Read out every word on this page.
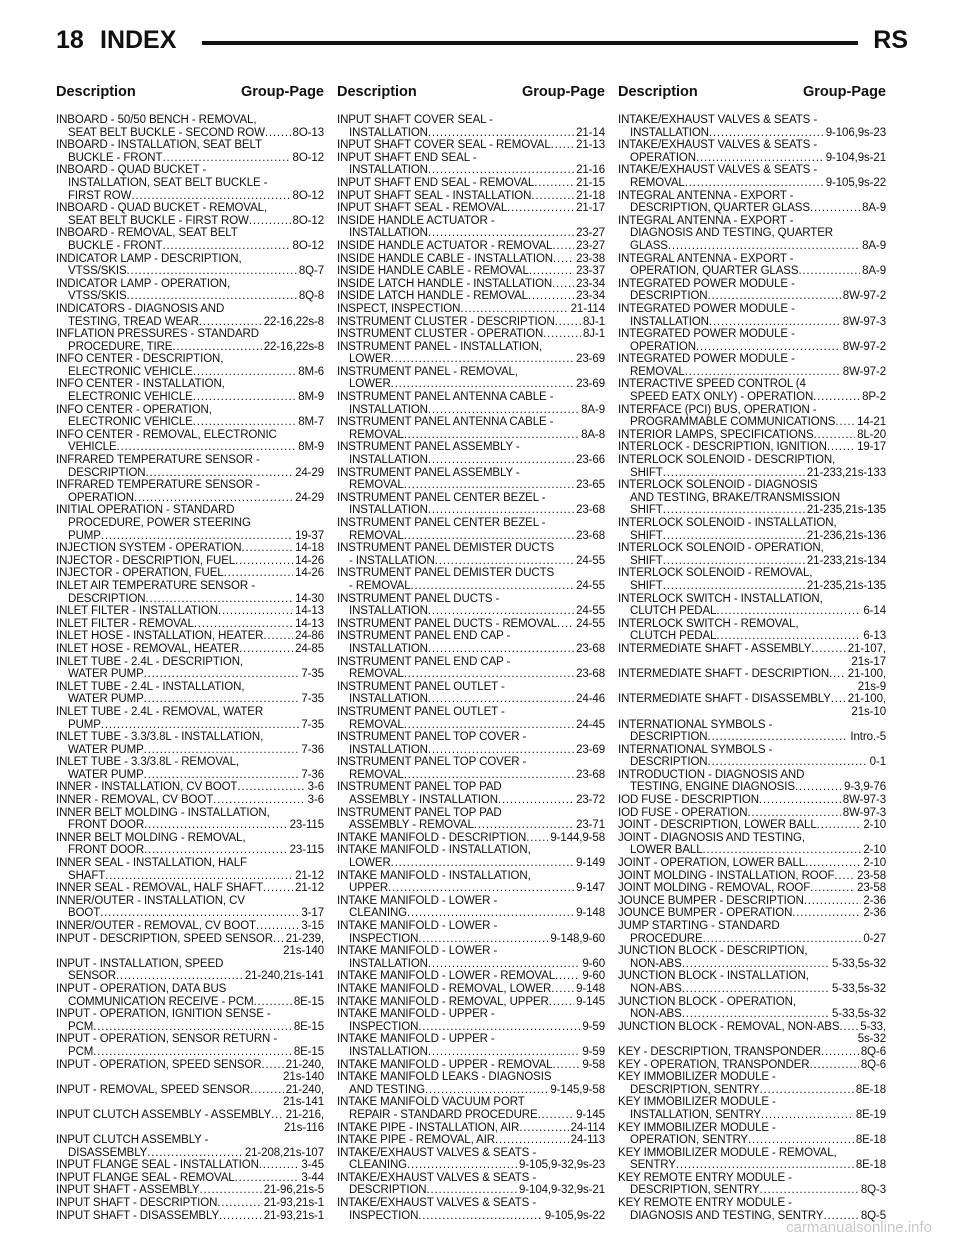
18 INDEX	RS
Description	Group-Page Description	Group-Page Description	Group-Page
INBOARD - 50/50 BENCH - REMOVAL,
SEAT BELT BUCKLE - SECOND ROW . . . 8O-13
INBOARD - INSTALLATION, SEAT BELT
BUCKLE - FRONT . . .	8O-12
INBOARD - QUAD BUCKET -
INSTALLATION, SEAT BELT BUCKLE -
FIRST ROW . . .	8O-12
INBOARD - QUAD BUCKET - REMOVAL,
SEAT BELT BUCKLE - FIRST ROW . . .	8O-12
INBOARD - REMOVAL, SEAT BELT
BUCKLE - FRONT . . .	8O-12
INDICATOR LAMP - DESCRIPTION,
VTSS/SKIS . . .	8Q-7
INDICATOR LAMP - OPERATION,
VTSS/SKIS . . .	8Q-8
INDICATORS - DIAGNOSIS AND
TESTING, TREAD WEAR . . .	22-16,22s-8
INFLATION PRESSURES - STANDARD
PROCEDURE, TIRE . . .	22-16,22s-8
INFO CENTER - DESCRIPTION,
ELECTRONIC VEHICLE . . .	8M-6
INFO CENTER - INSTALLATION,
ELECTRONIC VEHICLE . . .	8M-9
INFO CENTER - OPERATION,
ELECTRONIC VEHICLE . . .	8M-7
INFO CENTER - REMOVAL, ELECTRONIC
VEHICLE . . .	8M-9
INFRARED TEMPERATURE SENSOR -
DESCRIPTION . . .	24-29
INFRARED TEMPERATURE SENSOR -
OPERATION . . .	24-29
INITIAL OPERATION - STANDARD
PROCEDURE, POWER STEERING
PUMP . . .	19-37
INJECTION SYSTEM - OPERATION . . .	14-18
INJECTOR - DESCRIPTION, FUEL . . .	14-26
INJECTOR - OPERATION, FUEL . . .	14-26
INLET AIR TEMPERATURE SENSOR -
DESCRIPTION . . .	14-30
INLET FILTER - INSTALLATION . . .	14-13
INLET FILTER - REMOVAL . . .	14-13
INLET HOSE - INSTALLATION, HEATER . . .	24-86
INLET HOSE - REMOVAL, HEATER . . .	24-85
INLET TUBE - 2.4L - DESCRIPTION,
WATER PUMP . . .	7-35
INLET TUBE - 2.4L - INSTALLATION,
WATER PUMP . . .	7-35
INLET TUBE - 2.4L - REMOVAL, WATER
PUMP . . .	7-35
INLET TUBE - 3.3/3.8L - INSTALLATION,
WATER PUMP . . .	7-36
INLET TUBE - 3.3/3.8L - REMOVAL,
WATER PUMP . . .	7-36
INNER - INSTALLATION, CV BOOT . . .	3-6
INNER - REMOVAL, CV BOOT . . .	3-6
INNER BELT MOLDING - INSTALLATION,
FRONT DOOR . . .	23-115
INNER BELT MOLDING - REMOVAL,
FRONT DOOR . . .	23-115
INNER SEAL - INSTALLATION, HALF
SHAFT . . .	21-12
INNER SEAL - REMOVAL, HALF SHAFT . . .	21-12
INNER/OUTER - INSTALLATION, CV
BOOT . . .	3-17
INNER/OUTER - REMOVAL, CV BOOT . . .	3-15
INPUT - DESCRIPTION, SPEED SENSOR . . . 21-239,
21s-140
INPUT - INSTALLATION, SPEED
SENSOR . . .	21-240,21s-141
INPUT - OPERATION, DATA BUS
COMMUNICATION RECEIVE - PCM . . .	8E-15
INPUT - OPERATION, IGNITION SENSE -
PCM . . .	8E-15
INPUT - OPERATION, SENSOR RETURN -
PCM . . .	8E-15
INPUT - OPERATION, SPEED SENSOR . . . 21-240,
21s-140
INPUT - REMOVAL, SPEED SENSOR . . .	21-240,
21s-141
INPUT CLUTCH ASSEMBLY - ASSEMBLY . . . 21-216,
21s-116
INPUT CLUTCH ASSEMBLY -
DISASSEMBLY . . .	21-208,21s-107
INPUT FLANGE SEAL - INSTALLATION . . .	3-45
INPUT FLANGE SEAL - REMOVAL . . .	3-44
INPUT SHAFT - ASSEMBLY . . .	21-96,21s-5
INPUT SHAFT - DESCRIPTION . . .	21-93,21s-1
INPUT SHAFT - DISASSEMBLY . . .	21-93,21s-1
INPUT SHAFT COVER SEAL -
INSTALLATION . . .	21-14
INPUT SHAFT COVER SEAL - REMOVAL . . . 21-13
INPUT SHAFT END SEAL -
INSTALLATION . . .	21-16
INPUT SHAFT END SEAL - REMOVAL . . .	21-15
INPUT SHAFT SEAL - INSTALLATION . . .	21-18
INPUT SHAFT SEAL - REMOVAL . . .	21-17
INSIDE HANDLE ACTUATOR -
INSTALLATION . . .	23-27
INSIDE HANDLE ACTUATOR - REMOVAL . . . 23-27
INSIDE HANDLE CABLE - INSTALLATION . . . 23-38
INSIDE HANDLE CABLE - REMOVAL . . .	23-37
INSIDE LATCH HANDLE - INSTALLATION . . . 23-34
INSIDE LATCH HANDLE - REMOVAL . . .	23-34
INSPECT, INSPECTION . . .	21-114
INSTRUMENT CLUSTER - DESCRIPTION . . . 8J-1
INSTRUMENT CLUSTER - OPERATION . . .	8J-1
INSTRUMENT PANEL - INSTALLATION,
LOWER . . .	23-69
INSTRUMENT PANEL - REMOVAL,
LOWER . . .	23-69
INSTRUMENT PANEL ANTENNA CABLE -
INSTALLATION . . .	8A-9
INSTRUMENT PANEL ANTENNA CABLE -
REMOVAL . . .	8A-8
INSTRUMENT PANEL ASSEMBLY -
INSTALLATION . . .	23-66
INSTRUMENT PANEL ASSEMBLY -
REMOVAL . . .	23-65
INSTRUMENT PANEL CENTER BEZEL -
INSTALLATION . . .	23-68
INSTRUMENT PANEL CENTER BEZEL -
REMOVAL . . .	23-68
INSTRUMENT PANEL DEMISTER DUCTS
- INSTALLATION . . .	24-55
INSTRUMENT PANEL DEMISTER DUCTS
- REMOVAL . . .	24-55
INSTRUMENT PANEL DUCTS -
INSTALLATION . . .	24-55
INSTRUMENT PANEL DUCTS - REMOVAL . . . 24-55
INSTRUMENT PANEL END CAP -
INSTALLATION . . .	23-68
INSTRUMENT PANEL END CAP -
REMOVAL . . .	23-68
INSTRUMENT PANEL OUTLET -
INSTALLATION . . .	24-46
INSTRUMENT PANEL OUTLET -
REMOVAL . . .	24-45
INSTRUMENT PANEL TOP COVER -
INSTALLATION . . .	23-69
INSTRUMENT PANEL TOP COVER -
REMOVAL . . .	23-68
INSTRUMENT PANEL TOP PAD
ASSEMBLY - INSTALLATION . . .	23-72
INSTRUMENT PANEL TOP PAD
ASSEMBLY - REMOVAL . . .	23-71
INTAKE MANIFOLD - DESCRIPTION . . . 9-144,9-58
INTAKE MANIFOLD - INSTALLATION,
LOWER . . .	9-149
INTAKE MANIFOLD - INSTALLATION,
UPPER . . .	9-147
INTAKE MANIFOLD - LOWER -
CLEANING . . .	9-148
INTAKE MANIFOLD - LOWER -
INSPECTION . . .	9-148,9-60
INTAKE MANIFOLD - LOWER -
INSTALLATION . . .	9-60
INTAKE MANIFOLD - LOWER - REMOVAL . . . 9-60
INTAKE MANIFOLD - REMOVAL, LOWER . . . 9-148
INTAKE MANIFOLD - REMOVAL, UPPER . . . 9-145
INTAKE MANIFOLD - UPPER -
INSPECTION . . .	9-59
INTAKE MANIFOLD - UPPER -
INSTALLATION . . .	9-59
INTAKE MANIFOLD - UPPER - REMOVAL . . .	9-58
INTAKE MANIFOLD LEAKS - DIAGNOSIS
AND TESTING . . .	9-145,9-58
INTAKE MANIFOLD VACUUM PORT
REPAIR - STANDARD PROCEDURE . . .	9-145
INTAKE PIPE - INSTALLATION, AIR . . .	24-114
INTAKE PIPE - REMOVAL, AIR . . .	24-113
INTAKE/EXHAUST VALVES & SEATS -
CLEANING . . .	9-105,9-32,9s-23
INTAKE/EXHAUST VALVES & SEATS -
DESCRIPTION . . .	9-104,9-32,9s-21
INTAKE/EXHAUST VALVES & SEATS -
INSPECTION . . .	9-105,9s-22
INTAKE/EXHAUST VALVES & SEATS -
INSTALLATION . . .	9-106,9s-23
INTAKE/EXHAUST VALVES & SEATS -
OPERATION . . .	9-104,9s-21
INTAKE/EXHAUST VALVES & SEATS -
REMOVAL . . .	9-105,9s-22
INTEGRAL ANTENNA - EXPORT -
DESCRIPTION, QUARTER GLASS . . .	8A-9
INTEGRAL ANTENNA - EXPORT -
DIAGNOSIS AND TESTING, QUARTER
GLASS . . .	8A-9
INTEGRAL ANTENNA - EXPORT -
OPERATION, QUARTER GLASS . . .	8A-9
INTEGRATED POWER MODULE -
DESCRIPTION . . .	8W-97-2
INTEGRATED POWER MODULE -
INSTALLATION . . .	8W-97-3
INTEGRATED POWER MODULE -
OPERATION . . .	8W-97-2
INTEGRATED POWER MODULE -
REMOVAL . . .	8W-97-2
INTERACTIVE SPEED CONTROL (4
SPEED EATX ONLY) - OPERATION . . .	8P-2
INTERFACE (PCI) BUS, OPERATION -
PROGRAMMABLE COMMUNICATIONS . . . 14-21
INTERIOR LAMPS, SPECIFICATIONS . . .	8L-20
INTERLOCK - DESCRIPTION, IGNITION . . .	19-17
INTERLOCK SOLENOID - DESCRIPTION,
SHIFT . . .	21-233,21s-133
INTERLOCK SOLENOID - DIAGNOSIS
AND TESTING, BRAKE/TRANSMISSION
SHIFT . . .	21-235,21s-135
INTERLOCK SOLENOID - INSTALLATION,
SHIFT . . .	21-236,21s-136
INTERLOCK SOLENOID - OPERATION,
SHIFT . . .	21-233,21s-134
INTERLOCK SOLENOID - REMOVAL,
SHIFT . . .	21-235,21s-135
INTERLOCK SWITCH - INSTALLATION,
CLUTCH PEDAL . . .	6-14
INTERLOCK SWITCH - REMOVAL,
CLUTCH PEDAL . . .	6-13
INTERMEDIATE SHAFT - ASSEMBLY . . .	21-107,
21s-17
INTERMEDIATE SHAFT - DESCRIPTION . . . 21-100,
21s-9
INTERMEDIATE SHAFT - DISASSEMBLY . . . 21-100,
21s-10
INTERNATIONAL SYMBOLS -
DESCRIPTION . . .	Intro.-5
INTERNATIONAL SYMBOLS -
DESCRIPTION . . .	0-1
INTRODUCTION - DIAGNOSIS AND
TESTING, ENGINE DIAGNOSIS . . .	9-3,9-76
IOD FUSE - DESCRIPTION . . .	8W-97-3
IOD FUSE - OPERATION . . .	8W-97-3
JOINT - DESCRIPTION, LOWER BALL . . .	2-10
JOINT - DIAGNOSIS AND TESTING,
LOWER BALL . . .	2-10
JOINT - OPERATION, LOWER BALL . . .	2-10
JOINT MOLDING - INSTALLATION, ROOF . . . 23-58
JOINT MOLDING - REMOVAL, ROOF . . .	23-58
JOUNCE BUMPER - DESCRIPTION . . .	2-36
JOUNCE BUMPER - OPERATION . . .	2-36
JUMP STARTING - STANDARD
PROCEDURE . . .	0-27
JUNCTION BLOCK - DESCRIPTION,
NON-ABS . . .	5-33,5s-32
JUNCTION BLOCK - INSTALLATION,
NON-ABS . . .	5-33,5s-32
JUNCTION BLOCK - OPERATION,
NON-ABS . . .	5-33,5s-32
JUNCTION BLOCK - REMOVAL, NON-ABS . . . 5-33,
5s-32
KEY - DESCRIPTION, TRANSPONDER . . .	8Q-6
KEY - OPERATION, TRANSPONDER . . .	8Q-6
KEY IMMOBILIZER MODULE -
DESCRIPTION, SENTRY . . .	8E-18
KEY IMMOBILIZER MODULE -
INSTALLATION, SENTRY . . .	8E-19
KEY IMMOBILIZER MODULE -
OPERATION, SENTRY . . .	8E-18
KEY IMMOBILIZER MODULE - REMOVAL,
SENTRY . . .	8E-18
KEY REMOTE ENTRY MODULE -
DESCRIPTION, SENTRY . . .	8Q-3
KEY REMOTE ENTRY MODULE -
DIAGNOSIS AND TESTING, SENTRY . . .	8Q-5
carmanualsonline.info
